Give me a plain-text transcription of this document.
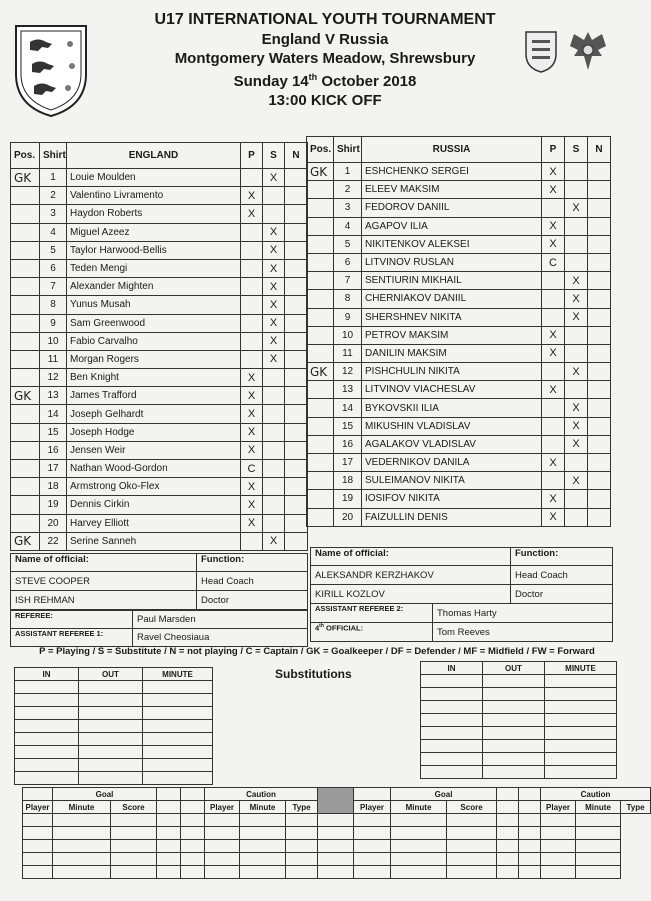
U17 INTERNATIONAL YOUTH TOURNAMENT
England V Russia
Montgomery Waters Meadow, Shrewsbury
Sunday 14th October 2018
13:00 KICK OFF
Pos.	Shirt	ENGLAND	P	S	N
GK	1	Louie Moulden		X	
	2	Valentino Livramento	X		
	3	Haydon Roberts	X		
	4	Miguel Azeez		X	
	5	Taylor Harwood-Bellis		X	
	6	Teden Mengi		X	
	7	Alexander Mighten		X	
	8	Yunus Musah		X	
	9	Sam Greenwood		X	
	10	Fabio Carvalho		X	
	11	Morgan Rogers		X	
	12	Ben Knight	X		
GK	13	James Trafford	X		
	14	Joseph Gelhardt	X		
	15	Joseph Hodge	X		
	16	Jensen Weir	X		
	17	Nathan Wood-Gordon	C		
	18	Armstrong Oko-Flex	X		
	19	Dennis Cirkin	X		
	20	Harvey Elliott	X		
GK	22	Serine Sanneh		X	
Pos.	Shirt	RUSSIA	P	S	N
GK	1	ESHCHENKO SERGEI	X		
	2	ELEEV MAKSIM	X		
	3	FEDOROV DANIIL		X	
	4	AGAPOV ILIA	X		
	5	NIKITENKOV ALEKSEI	X		
	6	LITVINOV RUSLAN	C		
	7	SENTIURIN MIKHAIL		X	
	8	CHERNIAKOV DANIIL		X	
	9	SHERSHNEV NIKITA		X	
	10	PETROV MAKSIM	X		
	11	DANILIN MAKSIM	X		
GK	12	PISHCHULIN NIKITA		X	
	13	LITVINOV VIACHESLAV	X		
	14	BYKOVSKII ILIA		X	
	15	MIKUSHIN VLADISLAV		X	
	16	AGALAKOV VLADISLAV		X	
	17	VEDERNIKOV DANILA	X		
	18	SULEIMANOV NIKITA		X	
	19	IOSIFOV NIKITA	X		
	20	FAIZULLIN DENIS	X		
Name of official:	Function:
STEVE COOPER	Head Coach
ISH REHMAN	Doctor
Name of official:	Function:
ALEKSANDR KERZHAKOV	Head Coach
KIRILL KOZLOV	Doctor
REFEREE:	Paul Marsden
ASSISTANT REFEREE 1:	Ravel Cheosiaua
ASSISTANT REFEREE 2:	Thomas Harty
4th OFFICIAL:	Tom Reeves
P = Playing / S = Substitute / N = not playing / C = Captain / GK = Goalkeeper / DF = Defender / MF = Midfield / FW = Forward
Substitutions
IN	OUT	MINUTE

IN	OUT	MINUTE

	Goal				Caution					Goal				Caution		
Player	Minute	Score			Player	Minute	Type		Player	Minute	Score			Player	Minute	Type
